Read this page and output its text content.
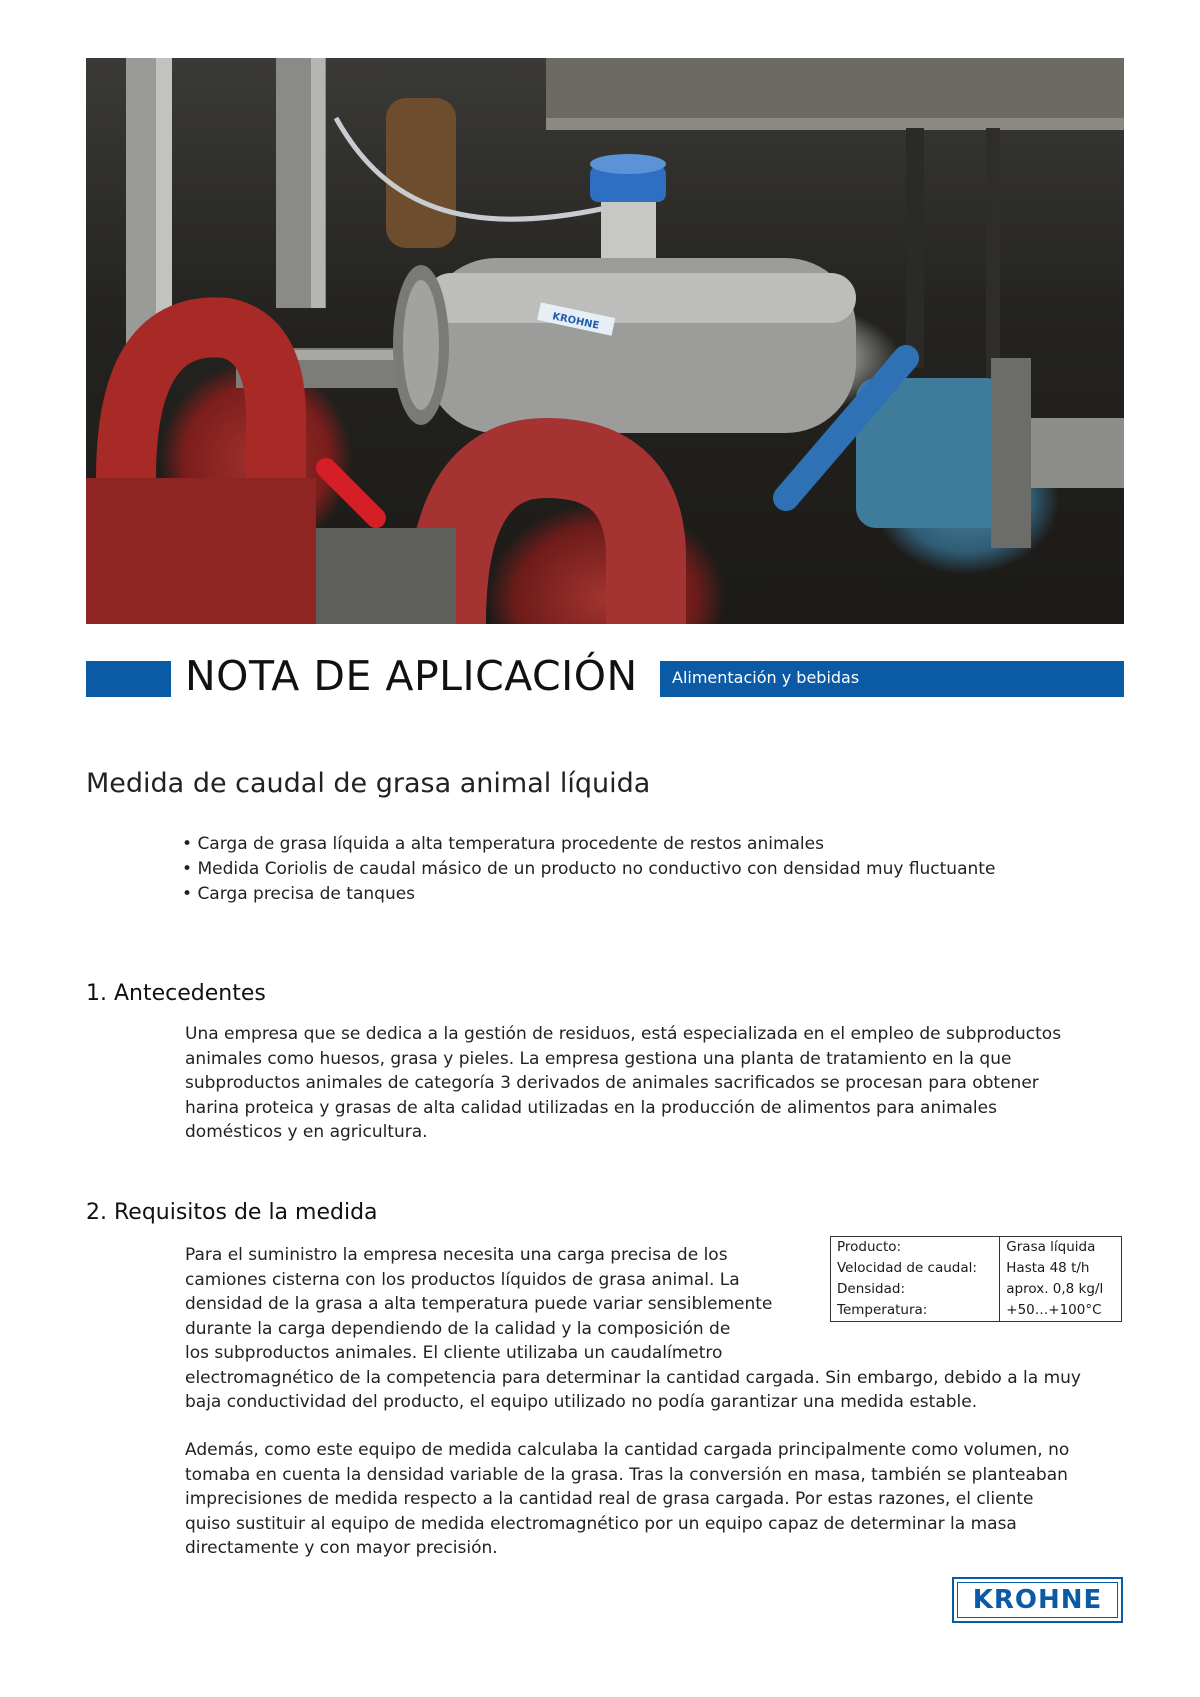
KROHNE
NOTA DE APLICACIÓN Alimentación y bebidas
Medida de caudal de grasa animal líquida
• Carga de grasa líquida a alta temperatura procedente de restos animales
• Medida Coriolis de caudal másico de un producto no conductivo con densidad muy fluctuante
• Carga precisa de tanques
1. Antecedentes
Una empresa que se dedica a la gestión de residuos, está especializada en el empleo de subproductos
animales como huesos, grasa y pieles. La empresa gestiona una planta de tratamiento en la que
subproductos animales de categoría 3 derivados de animales sacrificados se procesan para obtener
harina proteica y grasas de alta calidad utilizadas en la producción de alimentos para animales
domésticos y en agricultura.
2. Requisitos de la medida
Para el suministro la empresa necesita una carga precisa de los
camiones cisterna con los productos líquidos de grasa animal. La
densidad de la grasa a alta temperatura puede variar sensiblemente
durante la carga dependiendo de la calidad y la composición de
los subproductos animales. El cliente utilizaba un caudalímetro
electromagnético de la competencia para determinar la cantidad cargada. Sin embargo, debido a la muy
baja conductividad del producto, el equipo utilizado no podía garantizar una medida estable.
Además, como este equipo de medida calculaba la cantidad cargada principalmente como volumen, no
tomaba en cuenta la densidad variable de la grasa. Tras la conversión en masa, también se planteaban
imprecisiones de medida respecto a la cantidad real de grasa cargada. Por estas razones, el cliente
quiso sustituir al equipo de medida electromagnético por un equipo capaz de determinar la masa
directamente y con mayor precisión.
Producto:	Grasa líquida
Velocidad de caudal:	Hasta 48 t/h
Densidad:	aprox. 0,8 kg/l
Temperatura:	+50…+100°C
KROHNE
